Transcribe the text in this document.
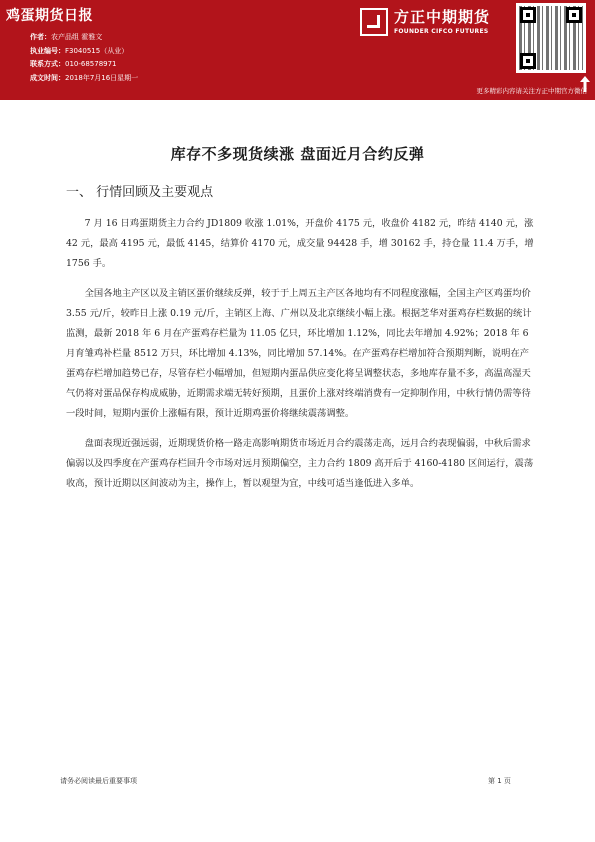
鸡蛋期货日报
作者：农产品组 霍雅文
执业编号：F3040515（从业）
联系方式：010-68578971
成文时间：2018年7月16日星期一
方正中期期货
FOUNDER CIFCO FUTURES
更多精彩内容请关注方正中期官方微信
库存不多现货续涨 盘面近月合约反弹
一、 行情回顾及主要观点

7 月 16 日鸡蛋期货主力合约 JD1809 收涨 1.01%，开盘价 4175 元，收盘价 4182 元，昨结 4140 元，涨 42 元，最高 4195 元，最低 4145，结算价 4170 元，成交量 94428 手，增 30162 手，持仓量 11.4 万手，增 1756 手。

全国各地主产区以及主销区蛋价继续反弹，较于于上周五主产区各地均有不同程度涨幅，全国主产区鸡蛋均价 3.55 元/斤，较昨日上涨 0.19 元/斤，主销区上海、广州以及北京继续小幅上涨。根据芝华对蛋鸡存栏数据的统计监测，最新 2018 年 6 月在产蛋鸡存栏量为 11.05 亿只，环比增加 1.12%，同比去年增加 4.92%；2018 年 6 月育雏鸡补栏量 8512 万只，环比增加 4.13%，同比增加 57.14%。在产蛋鸡存栏增加符合预期判断，说明在产蛋鸡存栏增加趋势已存，尽管存栏小幅增加，但短期内蛋品供应变化将呈调整状态，多地库存量不多，高温高湿天气仍将对蛋品保存构成威胁，近期需求端无转好预期，且蛋价上涨对终端消费有一定抑制作用，中秋行情仍需等待一段时间，短期内蛋价上涨幅有限，预计近期鸡蛋价将继续震荡调整。

盘面表现近强远弱，近期现货价格一路走高影响期货市场近月合约震荡走高，远月合约表现偏弱，中秋后需求偏弱以及四季度在产蛋鸡存栏回升令市场对远月预期偏空，主力合约 1809 高开后于 4160-4180 区间运行，震荡收高，预计近期以区间波动为主，操作上，暂以观望为宜，中线可适当逢低进入多单。

请务必阅读最后重要事项	第 1 页
